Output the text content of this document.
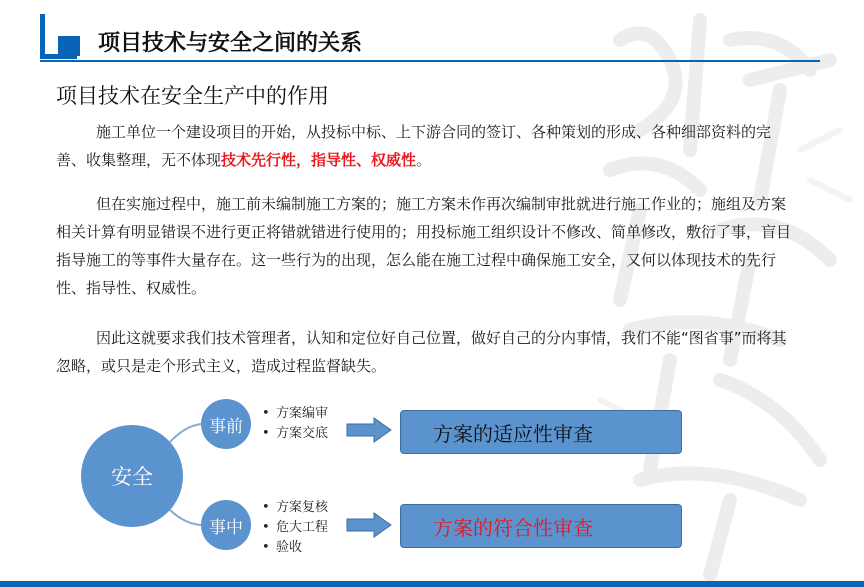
项目技术与安全之间的关系
项目技术在安全生产中的作用

施工单位一个建设项目的开始，从投标中标、上下游合同的签订、各种策划的形成、各种细部资料的完善、收集整理，无不体现技术先行性，指导性、权威性。

但在实施过程中，施工前未编制施工方案的；施工方案未作再次编制审批就进行施工作业的；施组及方案相关计算有明显错误不进行更正将错就错进行使用的；用投标施工组织设计不修改、简单修改，敷衍了事，盲目指导施工的等事件大量存在。这一些行为的出现，怎么能在施工过程中确保施工安全，又何以体现技术的先行性、指导性、权威性。

因此这就要求我们技术管理者，认知和定位好自己位置，做好自己的分内事情，我们不能“图省事”而将其忽略，或只是走个形式主义，造成过程监督缺失。

安全
事前
事中
• 方案编审
• 方案交底
• 方案复核
• 危大工程
• 验收
方案的适应性审查
方案的符合性审查
